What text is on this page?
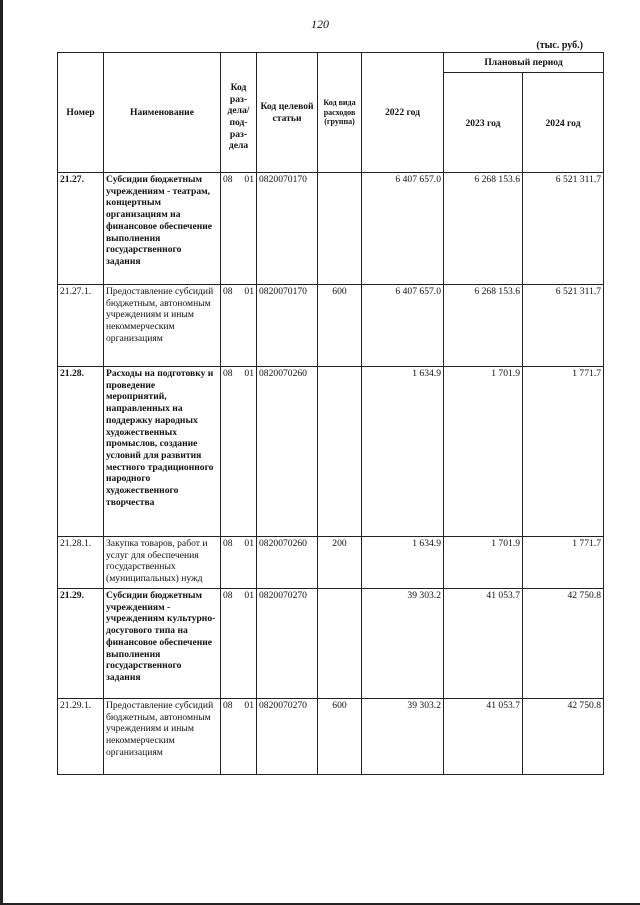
120
(тыс. руб.)
Номер	Наименование	Код раз-дела/ под-раз-дела	Код целевой статьи	Код вида расходов (группа)	2022 год	Плановый период	
						2023 год	2024 год
21.27.	Субсидии бюджетным учреждениям - театрам, концертным организациям на финансовое обеспечение выполнения государственного задания	08 01	0820070170		6 407 657.0	6 268 153.6	6 521 311.7
21.27.1.	Предоставление субсидий бюджетным, автономным учреждениям и иным некоммерческим организациям	08 01	0820070170	600	6 407 657.0	6 268 153.6	6 521 311.7
21.28.	Расходы на подготовку и проведение мероприятий, направленных на поддержку народных художественных промыслов, создание условий для развития местного традиционного народного художественного творчества	08 01	0820070260		1 634.9	1 701.9	1 771.7
21.28.1.	Закупка товаров, работ и услуг для обеспечения государственных (муниципальных) нужд	08 01	0820070260	200	1 634.9	1 701.9	1 771.7
21.29.	Субсидии бюджетным учреждениям - учреждениям культурно-досугового типа на финансовое обеспечение выполнения государственного задания	08 01	0820070270		39 303.2	41 053.7	42 750.8
21.29.1.	Предоставление субсидий бюджетным, автономным учреждениям и иным некоммерческим организациям	08 01	0820070270	600	39 303.2	41 053.7	42 750.8
